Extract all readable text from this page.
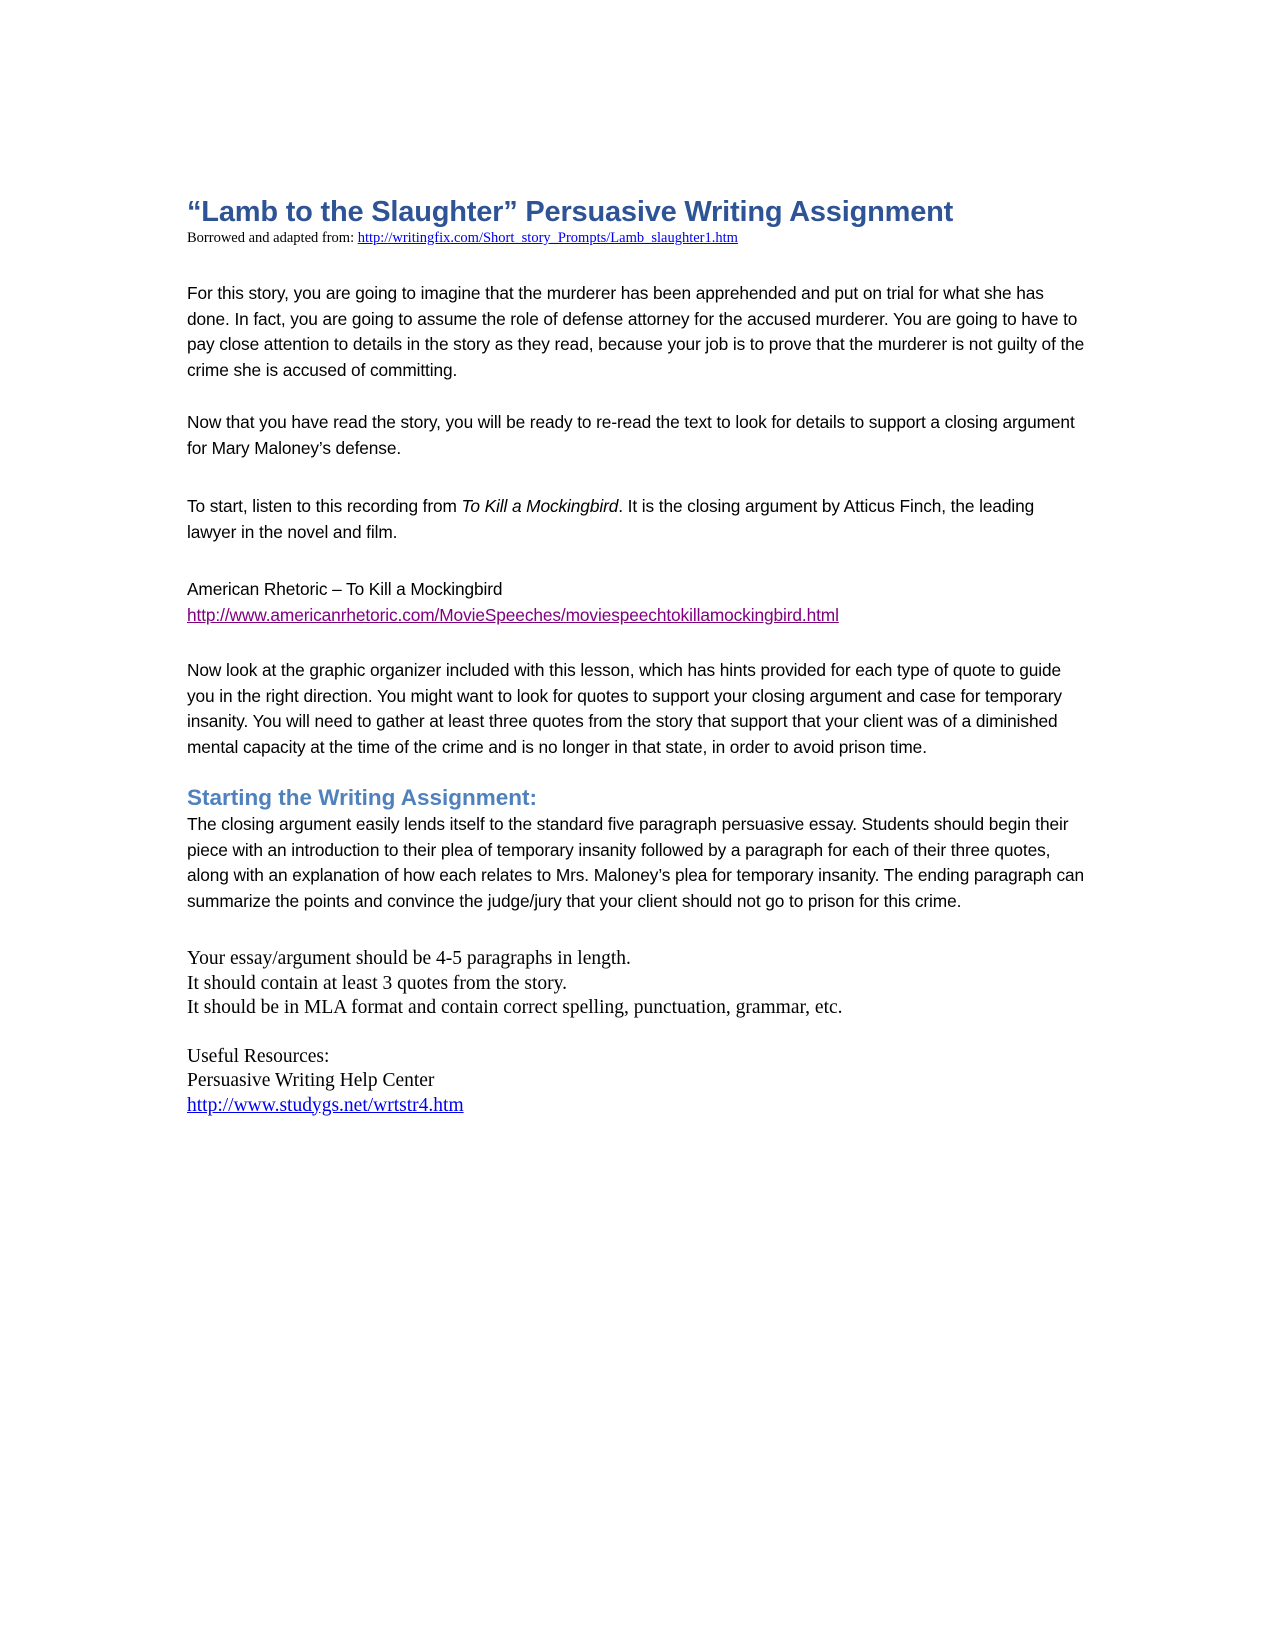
“Lamb to the Slaughter” Persuasive Writing Assignment

Borrowed and adapted from: http://writingfix.com/Short_story_Prompts/Lamb_slaughter1.htm

For this story, you are going to imagine that the murderer has been apprehended and put on trial for what she has done. In fact, you are going to assume the role of defense attorney for the accused murderer. You are going to have to pay close attention to details in the story as they read, because your job is to prove that the murderer is not guilty of the crime she is accused of committing.

Now that you have read the story, you will be ready to re-read the text to look for details to support a closing argument for Mary Maloney’s defense.

To start, listen to this recording from To Kill a Mockingbird. It is the closing argument by Atticus Finch, the leading lawyer in the novel and film.

American Rhetoric – To Kill a Mockingbird

http://www.americanrhetoric.com/MovieSpeeches/moviespeechtokillamockingbird.html

Now look at the graphic organizer included with this lesson, which has hints provided for each type of quote to guide you in the right direction. You might want to look for quotes to support your closing argument and case for temporary insanity. You will need to gather at least three quotes from the story that support that your client was of a diminished mental capacity at the time of the crime and is no longer in that state, in order to avoid prison time.

Starting the Writing Assignment:

The closing argument easily lends itself to the standard five paragraph persuasive essay. Students should begin their piece with an introduction to their plea of temporary insanity followed by a paragraph for each of their three quotes, along with an explanation of how each relates to Mrs. Maloney’s plea for temporary insanity. The ending paragraph can summarize the points and convince the judge/jury that your client should not go to prison for this crime.

Your essay/argument should be 4-5 paragraphs in length.

It should contain at least 3 quotes from the story.

It should be in MLA format and contain correct spelling, punctuation, grammar, etc.

Useful Resources:

Persuasive Writing Help Center

http://www.studygs.net/wrtstr4.htm
